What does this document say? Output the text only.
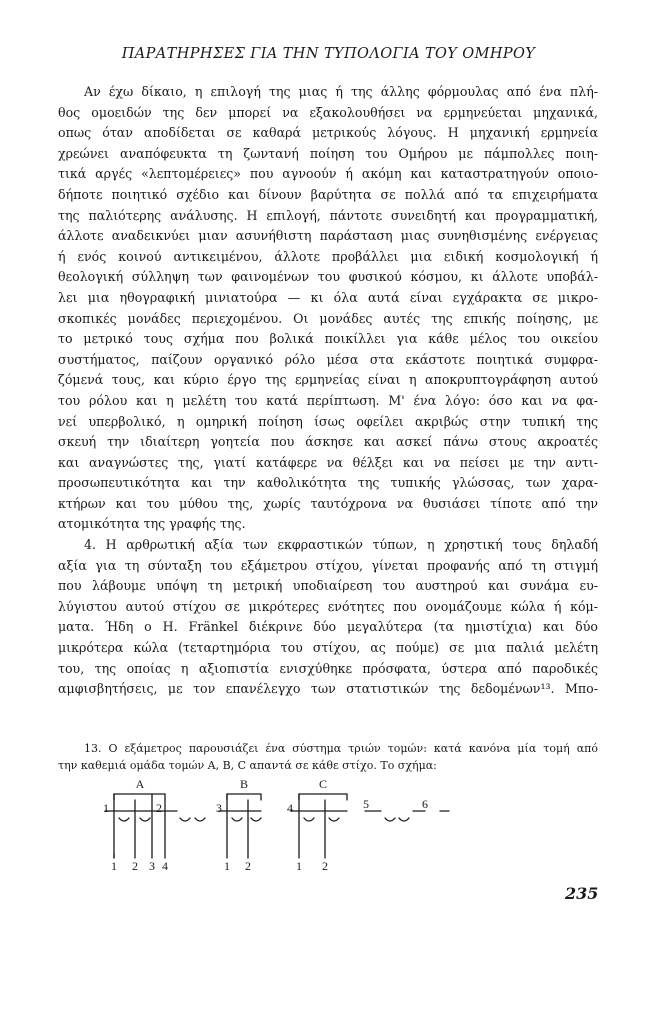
ΠΑΡΑΤΗΡΗΣΕΣ ΓΙΑ ΤΗΝ ΤΥΠΟΛΟΓΙΑ ΤΟΥ ΟΜΗΡΟΥ
Αν έχω δίκαιο, η επιλογή της μιας ή της άλλης φόρμουλας από ένα πλή-
θος ομοειδών της δεν μπορεί να εξακολουθήσει να ερμηνεύεται μηχανικά,
οπως όταν αποδίδεται σε καθαρά μετρικούς λόγους. Η μηχανική ερμηνεία
χρεώνει αναπόφευκτα τη ζωντανή ποίηση του Ομήρου με πάμπολλες ποιη-
τικά αργές «λεπτομέρειες» που αγνοούν ή ακόμη και καταστρατηγούν οποιο-
δήποτε ποιητικό σχέδιο και δίνουν βαρύτητα σε πολλά από τα επιχειρήματα
της παλιότερης ανάλυσης. Η επιλογή, πάντοτε συνειδητή και προγραμματική,
άλλοτε αναδεικνύει μιαν ασυνήθιστη παράσταση μιας συνηθισμένης ενέργειας
ή ενός κοινού αντικειμένου, άλλοτε προβάλλει μια ειδική κοσμολογική ή
θεολογική σύλληψη των φαινομένων του φυσικού κόσμου, κι άλλοτε υποβάλ-
λει μια ηθογραφική μινιατούρα — κι όλα αυτά είναι εγχάρακτα σε μικρο-
σκοπικές μονάδες περιεχομένου. Οι μονάδες αυτές της επικής ποίησης, με
το μετρικό τους σχήμα που βολικά ποικίλλει για κάθε μέλος του οικείου
συστήματος, παίζουν οργανικό ρόλο μέσα στα εκάστοτε ποιητικά συμφρα-
ζόμενά τους, και κύριο έργο της ερμηνείας είναι η αποκρυπτογράφηση αυτού
του ρόλου και η μελέτη του κατά περίπτωση. Μ' ένα λόγο: όσο και να φα-
νεί υπερβολικό, η ομηρική ποίηση ίσως οφείλει ακριβώς στην τυπική της
σκευή την ιδιαίτερη γοητεία που άσκησε και ασκεί πάνω στους ακροατές
και αναγνώστες της, γιατί κατάφερε να θέλξει και να πείσει με την αντι-
προσωπευτικότητα και την καθολικότητα της τυπικής γλώσσας, των χαρα-
κτήρων και του μύθου της, χωρίς ταυτόχρονα να θυσιάσει τίποτε από την
ατομικότητα της γραφής της.
4. Η αρθρωτική αξία των εκφραστικών τύπων, η χρηστική τους δηλαδή
αξία για τη σύνταξη του εξάμετρου στίχου, γίνεται προφανής από τη στιγμή
που λάβουμε υπόψη τη μετρική υποδιαίρεση του αυστηρού και συνάμα ευ-
λύγιστου αυτού στίχου σε μικρότερες ενότητες που ονομάζουμε κώλα ή κόμ-
ματα. Ήδη ο H. Fränkel διέκρινε δύο μεγαλύτερα (τα ημιστίχια) και δύο
μικρότερα κώλα (τεταρτημόρια του στίχου, ας πούμε) σε μια παλιά μελέτη
του, της οποίας η αξιοπιστία ενισχύθηκε πρόσφατα, ύστερα από παροδικές
αμφισβητήσεις, με τον επανέλεγχο των στατιστικών της δεδομένων¹³. Μπο-
13. Ο εξάμετρος παρουσιάζει ένα σύστημα τριών τομών: κατά κανόνα μία τομή από
την καθεμιά ομάδα τομών Α, Β, C απαντά σε κάθε στίχο. Το σχήμα:
A	B	C
1	2	3	4	5	6
1 2 3 4	1 2	1 2
235
